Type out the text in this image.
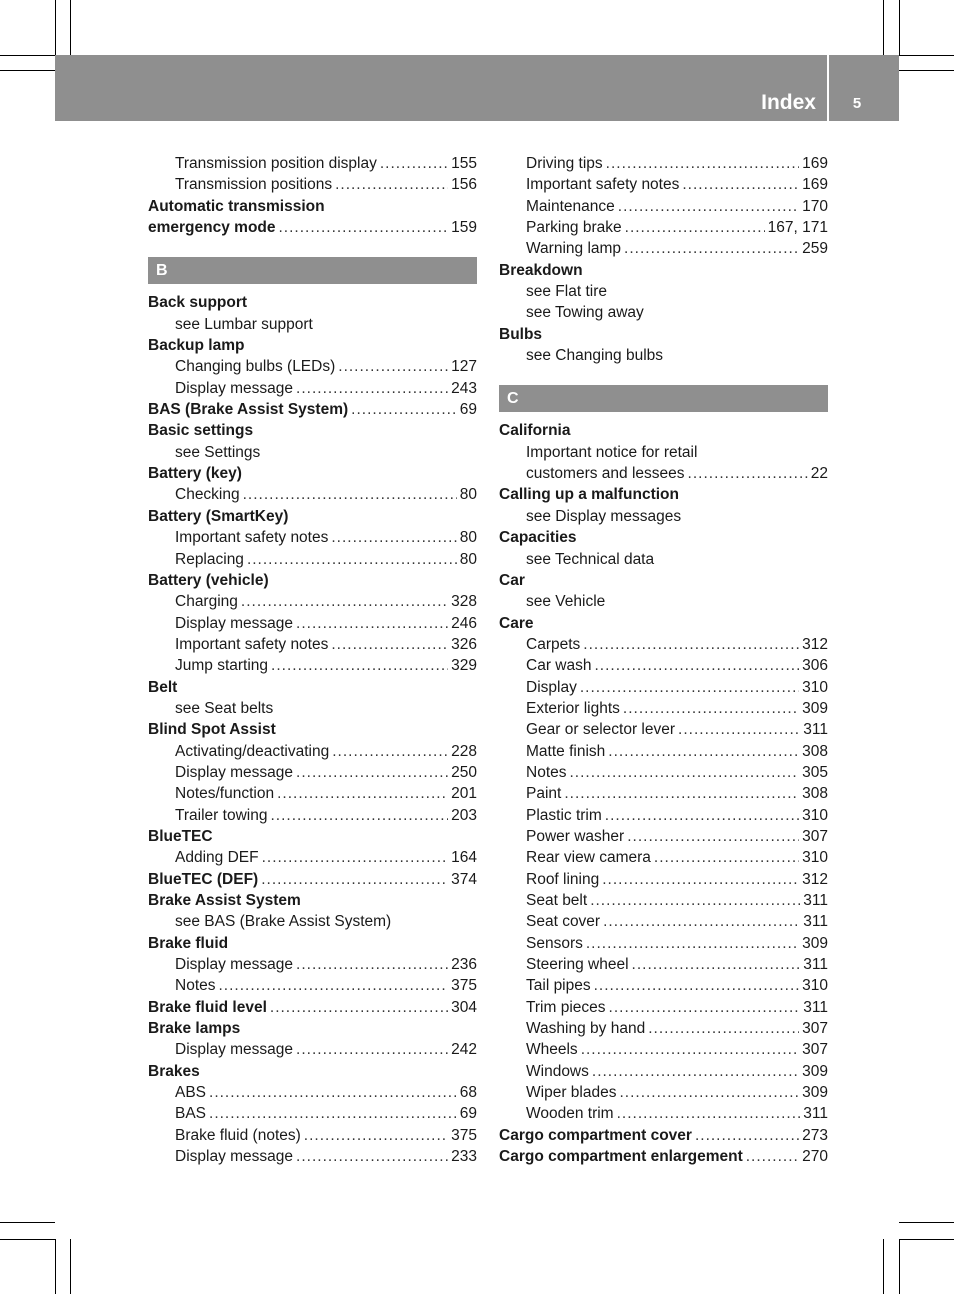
Index	5
Transmission position display .....	155
Transmission positions .....	156
Automatic transmission
emergency mode .....	159
B
Back support
see Lumbar support
Backup lamp
Changing bulbs (LEDs) .....	127
Display message .....	243
BAS (Brake Assist System) .....	69
Basic settings
see Settings
Battery (key)
Checking .....	80
Battery (SmartKey)
Important safety notes .....	80
Replacing .....	80
Battery (vehicle)
Charging .....	328
Display message .....	246
Important safety notes .....	326
Jump starting .....	329
Belt
see Seat belts
Blind Spot Assist
Activating/deactivating .....	228
Display message .....	250
Notes/function .....	201
Trailer towing .....	203
BlueTEC
Adding DEF .....	164
BlueTEC (DEF) .....	374
Brake Assist System
see BAS (Brake Assist System)
Brake fluid
Display message .....	236
Notes .....	375
Brake fluid level .....	304
Brake lamps
Display message .....	242
Brakes
ABS .....	68
BAS .....	69
Brake fluid (notes) .....	375
Display message .....	233
Driving tips .....	169
Important safety notes .....	169
Maintenance .....	170
Parking brake .....	167, 171
Warning lamp .....	259
Breakdown
see Flat tire
see Towing away
Bulbs
see Changing bulbs
C
California
Important notice for retail
customers and lessees .....	22
Calling up a malfunction
see Display messages
Capacities
see Technical data
Car
see Vehicle
Care
Carpets .....	312
Car wash .....	306
Display .....	310
Exterior lights .....	309
Gear or selector lever .....	311
Matte finish .....	308
Notes .....	305
Paint .....	308
Plastic trim .....	310
Power washer .....	307
Rear view camera .....	310
Roof lining .....	312
Seat belt .....	311
Seat cover .....	311
Sensors .....	309
Steering wheel .....	311
Tail pipes .....	310
Trim pieces .....	311
Washing by hand .....	307
Wheels .....	307
Windows .....	309
Wiper blades .....	309
Wooden trim .....	311
Cargo compartment cover .....	273
Cargo compartment enlargement .....	270
